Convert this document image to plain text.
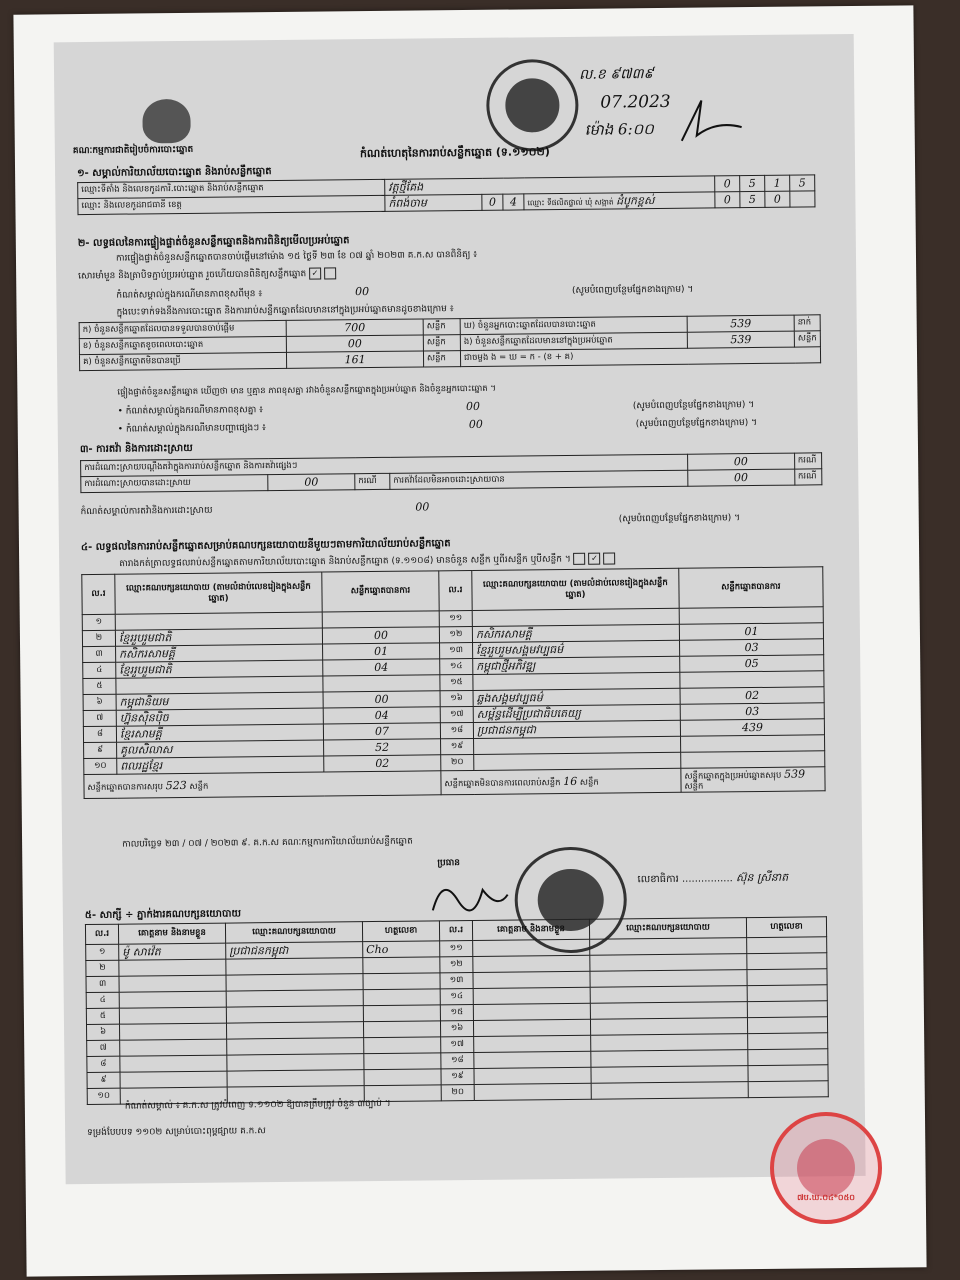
គណៈកម្មការជាតិរៀបចំការបោះឆ្នោត
ល.ខ ៩៧៣៩
07.2023
ម៉ោង 6:០០
កំណត់ហេតុនៃការរាប់សន្លឹកឆ្នោត (ទ.១១០២)
១- សម្គាល់ការិយាល័យបោះឆ្នោត និងរាប់សន្លឹកឆ្នោត
ឈ្មោះទីតាំង និងលេខកូដការិ.បោះឆ្នោត និងរាប់សន្លឹកឆ្នោត	វត្តថ្មីគែង				0	5	1	5
ឈ្មោះ និងលេខកូដរាជធានី ខេត្ត	កំពង់ចាម	0	4	ឈ្មោះ ទីផលិតផ្ទាល់ ឃុំ សង្កាត់ ដំបូកខ្ពស់	0	5	0	
២- លទ្ធផលនៃការផ្ទៀងផ្ទាត់ចំនួនសន្លឹកឆ្នោតនិងការពិនិត្យមើលប្រអប់ឆ្នោត
ការផ្ទៀងផ្ទាត់ចំនួនសន្លឹកឆ្នោតបានចាប់ផ្តើមនៅម៉ោង ១៥ ថ្ងៃទី ២៣ ខែ ០៧ ឆ្នាំ ២០២៣ គ.ក.ស បានពិនិត្យ ៖
សោរមាំមួន និងត្រាបិទភ្ជាប់ប្រអប់ឆ្នោត រួចហើយបានពិនិត្យសន្លឹកឆ្នោត ✓
កំណត់សម្គាល់ក្នុងករណីមានភាពខុសពីមុន ៖	00	(សូមបំពេញបន្ថែមផ្នែកខាងក្រោម) ។
ក្នុងបេះទាក់ទងនឹងការបោះឆ្នោត និងការរាប់សន្លឹកឆ្នោតដែលមាននៅក្នុងប្រអប់ឆ្នោតមានដូចខាងក្រោម ៖
ក) ចំនួនសន្លឹកឆ្នោតដែលបានទទួលបានចាប់ផ្តើម	700	សន្លឹក	ឃ) ចំនួនអ្នកបោះឆ្នោតដែលបានបោះឆ្នោត	539	នាក់
ខ) ចំនួនសន្លឹកឆ្នោតខូចពេលបោះឆ្នោត	00	សន្លឹក	ង) ចំនួនសន្លឹកឆ្នោតដែលមាននៅក្នុងប្រអប់ឆ្នោត	539	សន្លឹក
គ) ចំនួនសន្លឹកឆ្នោតមិនបានប្រើ	161	សន្លឹក	ជាចម្លង ង = ឃ = ក - (ខ + គ)		
ផ្ទៀងផ្ទាត់ចំនួនសន្លឹកឆ្នោត ឃើញថា មាន ឬគ្មាន ភាពខុសគ្នា រវាងចំនួនសន្លឹកឆ្នោតក្នុងប្រអប់ឆ្នោត និងចំនួនអ្នកបោះឆ្នោត ។
• កំណត់សម្គាល់ក្នុងករណីមានភាពខុសគ្នា ៖	00	(សូមបំពេញបន្ថែមផ្នែកខាងក្រោម) ។
• កំណត់សម្គាល់ក្នុងករណីមានបញ្ហាផ្សេងៗ ៖	00	(សូមបំពេញបន្ថែមផ្នែកខាងក្រោម) ។
៣- ការតវ៉ា និងការដោះស្រាយ
ការដំណោះស្រាយបណ្តឹងតវ៉ាក្នុងការរាប់សន្លឹកឆ្នោត និងការតវ៉ាផ្សេងៗ				00	ករណី
ការដំណោះស្រាយបានដោះស្រាយ	00	ករណី	ការតវ៉ាដែលមិនអាចដោះស្រាយបាន	00	ករណី
កំណត់សម្គាល់ការតវ៉ានិងការដោះស្រាយ	00
(សូមបំពេញបន្ថែមផ្នែកខាងក្រោម) ។
៤- លទ្ធផលនៃការរាប់សន្លឹកឆ្នោតសម្រាប់គណបក្សនយោបាយនីមួយៗតាមការិយាល័យរាប់សន្លឹកឆ្នោត
តារាងកត់ត្រាលទ្ធផលរាប់សន្លឹកឆ្នោតតាមការិយាល័យបោះឆ្នោត និងរាប់សន្លឹកឆ្នោត (ទ.១១០៨) មានចំនួន សន្លឹក ឬពីរសន្លឹក ឬបីសន្លឹក ។	✓
ល.រ	ឈ្មោះគណបក្សនយោបាយ (តាមលំដាប់លេខរៀងក្នុងសន្លឹកឆ្នោត)	សន្លឹកឆ្នោតបានការ	ល.រ	ឈ្មោះគណបក្សនយោបាយ (តាមលំដាប់លេខរៀងក្នុងសន្លឹកឆ្នោត)	សន្លឹកឆ្នោតបានការ
១			១១		
២	ខ្មែររួបរួមជាតិ	00	១២	កសិករសាមគ្គី	01
៣	កសិករសាមគ្គី	01	១៣	ខ្មែររួបរួមសង្គមវប្បធម៌	03
៤	ខ្មែររួបរួមជាតិ	04	១៤	កម្ពុជាថ្មីអភិវឌ្ឍ	05
៥			១៥		
៦	កម្ពុជានិយម	00	១៦	ឆ្លងសង្គមវប្បធម៌	02
៧	ហ្វ៊ុនស៊ិនប៉ិច	04	១៧	សម្ព័ន្ធដើម្បីប្រជាធិបតេយ្យ	03
៨	ខ្មែរសាមគ្គី	07	១៨	ប្រជាជនកម្ពុជា	439
៩	គូលសិលាស	52	១៩		
១០	ពលរដ្ឋខ្មែរ	02	២០		
សន្លឹកឆ្នោតបានការសរុប 523 សន្លឹក			សន្លឹកឆ្នោតមិនបានការពេលរាប់សន្លឹក 16 សន្លឹក		សន្លឹកឆ្នោតក្នុងប្រអប់ឆ្នោតសរុប 539 សន្លឹក
កាលបរិច្ឆេទ ២៣ / ០៧ / ២០២៣ ៩. គ.ក.ស គណៈកម្មការការិយាល័យរាប់សន្លឹកឆ្នោត
ប្រធាន
លេខាធិការ ................ ស៊ុន ស្រីនាត
៥- សាក្សី ÷ ភ្នាក់ងារគណបក្សនយោបាយ
ល.រ	គោត្តនាម និងនាមខ្លួន	ឈ្មោះគណបក្សនយោបាយ	ហត្ថលេខា	ល.រ	គោត្តនាម និងនាមខ្លួន	ឈ្មោះគណបក្សនយោបាយ	ហត្ថលេខា
១	ម៉ូ សាវ៉េត	ប្រជាជនកម្ពុជា	Cho	១១			
២				១២			
៣				១៣			
៤				១៤			
៥				១៥			
៦				១៦			
៧				១៧			
៨				១៨			
៩				១៩			
១០				២០			
កំណត់សម្គាល់ ៖ គ.ក.ស ត្រូវបំពេញ ទ.១១០២ ឱ្យបានត្រឹមត្រូវ ចំនួន ៣ច្បាប់ ។
ទម្រង់បែបបទ ១១០២ សម្រាប់បោះពុម្ពផ្សាយ គ.ក.ស
៧ប.ឃ.០៤*០៥០
